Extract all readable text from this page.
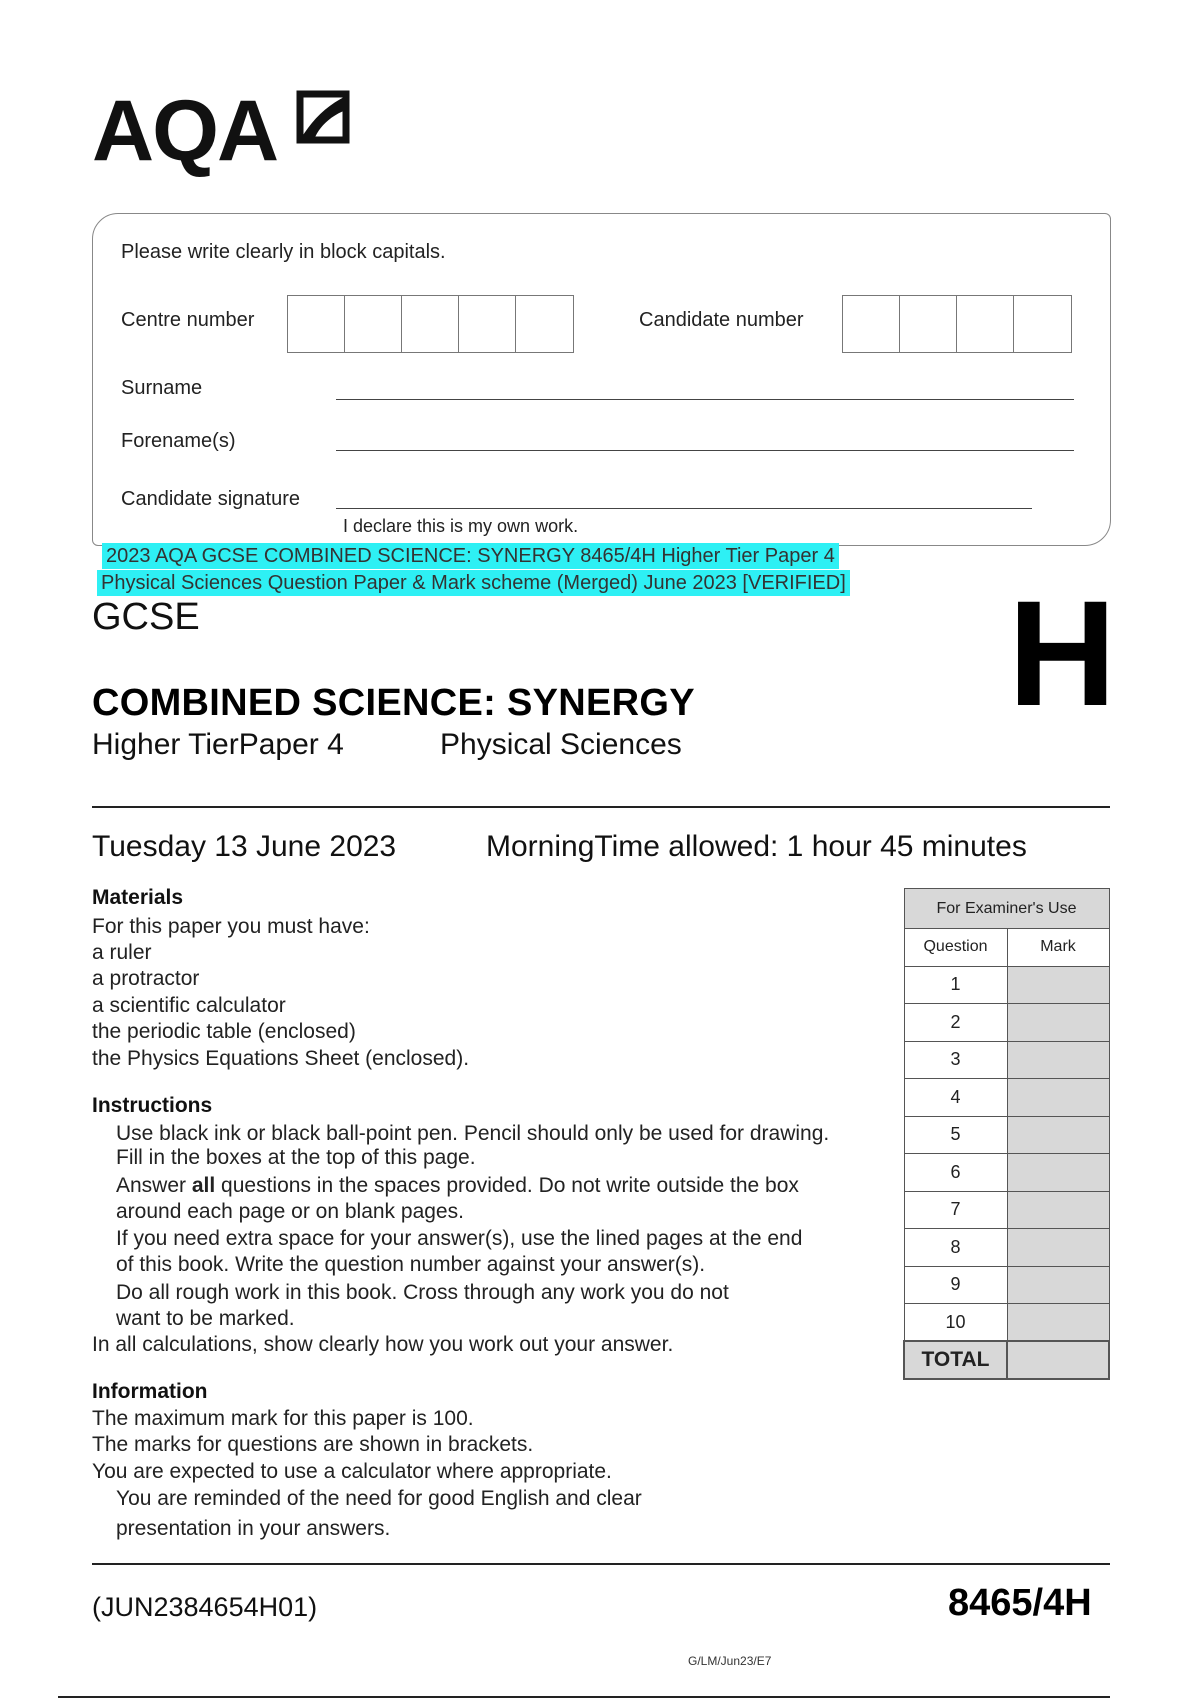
AQA
Please write clearly in block capitals.
Centre number	Candidate number
Surname
Forename(s)
Candidate signature
I declare this is my own work.
2023 AQA GCSE COMBINED SCIENCE: SYNERGY 8465/4H Higher Tier Paper 4
Physical Sciences Question Paper & Mark scheme (Merged) June 2023 [VERIFIED]
GCSE	H
COMBINED SCIENCE: SYNERGY
Higher TierPaper 4	Physical Sciences
Tuesday 13 June 2023	MorningTime allowed: 1 hour 45 minutes
Materials
For this paper you must have:
a ruler
a protractor
a scientific calculator
the periodic table (enclosed)
the Physics Equations Sheet (enclosed).
Instructions
Use black ink or black ball-point pen. Pencil should only be used for drawing.
Fill in the boxes at the top of this page.
Answer all questions in the spaces provided. Do not write outside the box
around each page or on blank pages.
If you need extra space for your answer(s), use the lined pages at the end
of this book. Write the question number against your answer(s).
Do all rough work in this book. Cross through any work you do not
want to be marked.
In all calculations, show clearly how you work out your answer.
Information
The maximum mark for this paper is 100.
The marks for questions are shown in brackets.
You are expected to use a calculator where appropriate.
You are reminded of the need for good English and clear
presentation in your answers.
For Examiner's Use	
Question	Mark
1	
2	
3	
4	
5	
6	
7	
8	
9	
10	
TOTAL	
(JUN2384654H01)	8465/4H
G/LM/Jun23/E7
